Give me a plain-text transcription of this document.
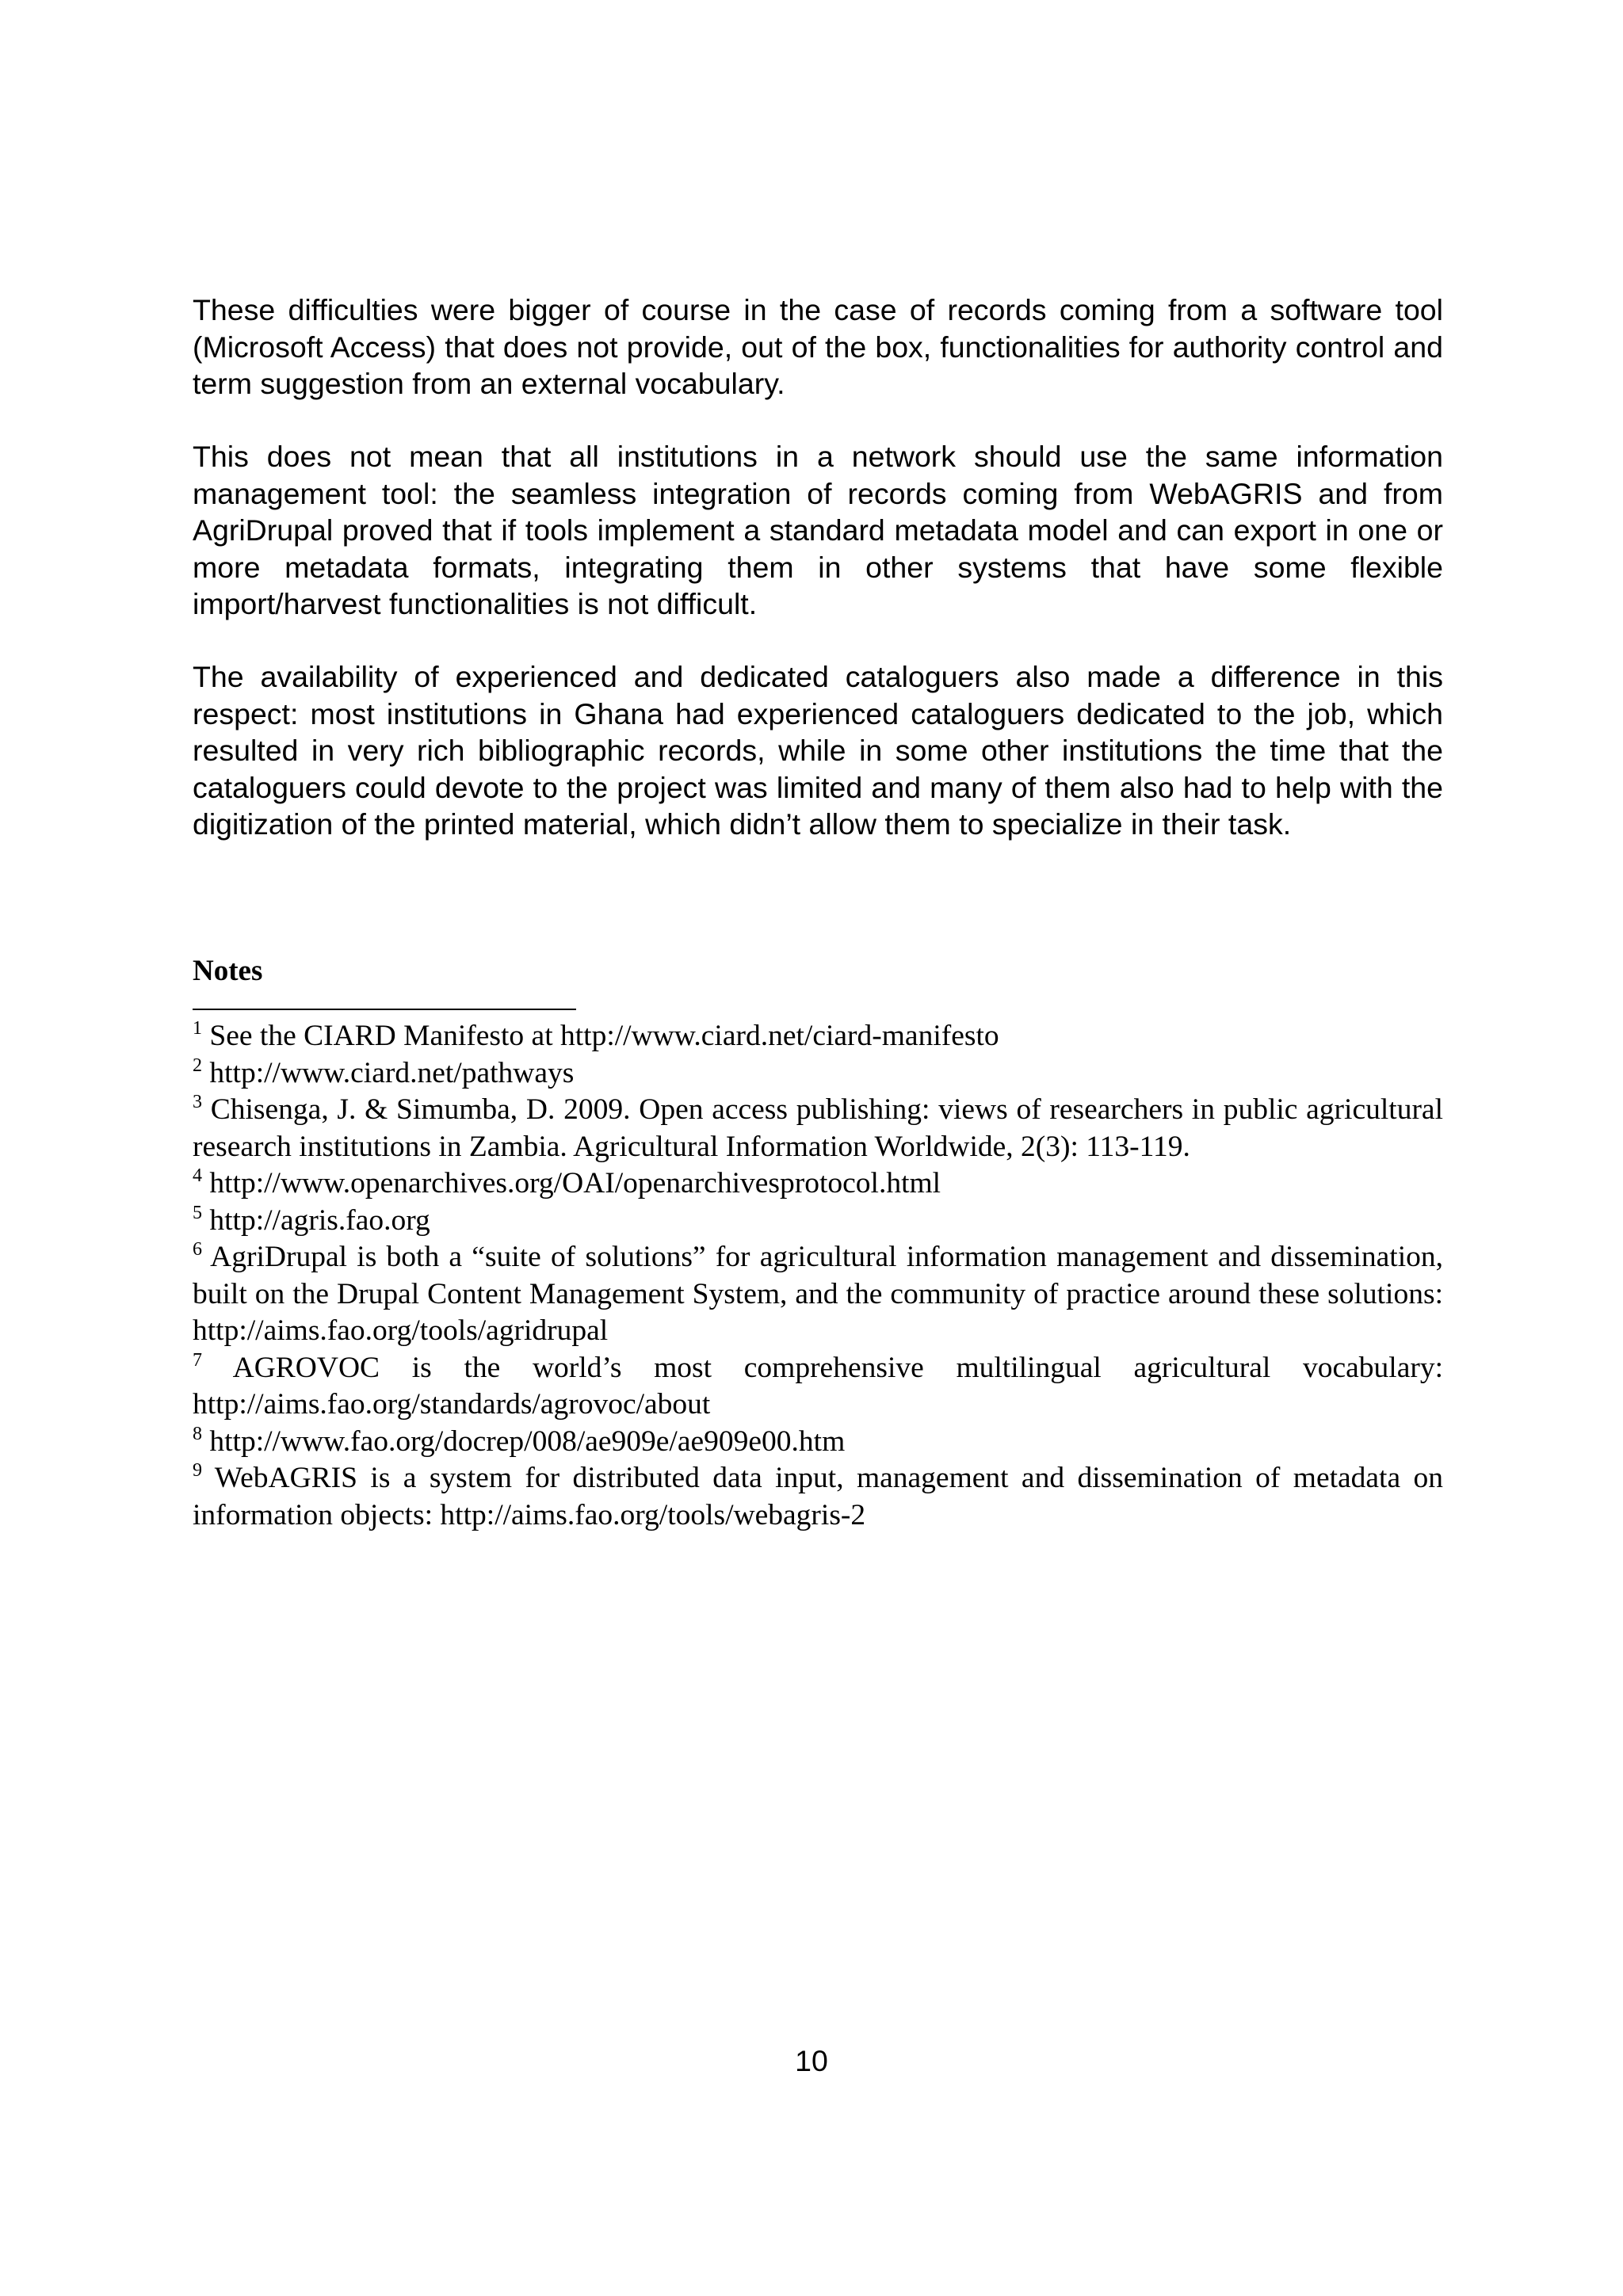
These difficulties were bigger of course in the case of records coming from a software tool (Microsoft Access) that does not provide, out of the box, functionalities for authority control and term suggestion from an external vocabulary.

This does not mean that all institutions in a network should use the same information management tool: the seamless integration of records coming from WebAGRIS and from AgriDrupal proved that if tools implement a standard metadata model and can export in one or more metadata formats, integrating them in other systems that have some flexible import/harvest functionalities is not difficult.

The availability of experienced and dedicated cataloguers also made a difference in this respect: most institutions in Ghana had experienced cataloguers dedicated to the job, which resulted in very rich bibliographic records, while in some other institutions the time that the cataloguers could devote to the project was limited and many of them also had to help with the digitization of the printed material, which didn’t allow them to specialize in their task.

Notes
$^1$ See the CIARD Manifesto at http://www.ciard.net/ciard-manifesto
$^2$ http://www.ciard.net/pathways
$^3$ Chisenga, J. & Simumba, D. 2009. Open access publishing: views of researchers in public agricultural research institutions in Zambia. Agricultural Information Worldwide, 2(3): 113-119.
$^4$ http://www.openarchives.org/OAI/openarchivesprotocol.html
$^5$ http://agris.fao.org
$^6$ AgriDrupal is both a “suite of solutions” for agricultural information management and dissemination, built on the Drupal Content Management System, and the community of practice around these solutions: http://aims.fao.org/tools/agridrupal
$^7$ AGROVOC is the world’s most comprehensive multilingual agricultural vocabulary: http://aims.fao.org/standards/agrovoc/about
$^8$ http://www.fao.org/docrep/008/ae909e/ae909e00.htm
$^9$ WebAGRIS is a system for distributed data input, management and dissemination of metadata on information objects: http://aims.fao.org/tools/webagris-2

10
